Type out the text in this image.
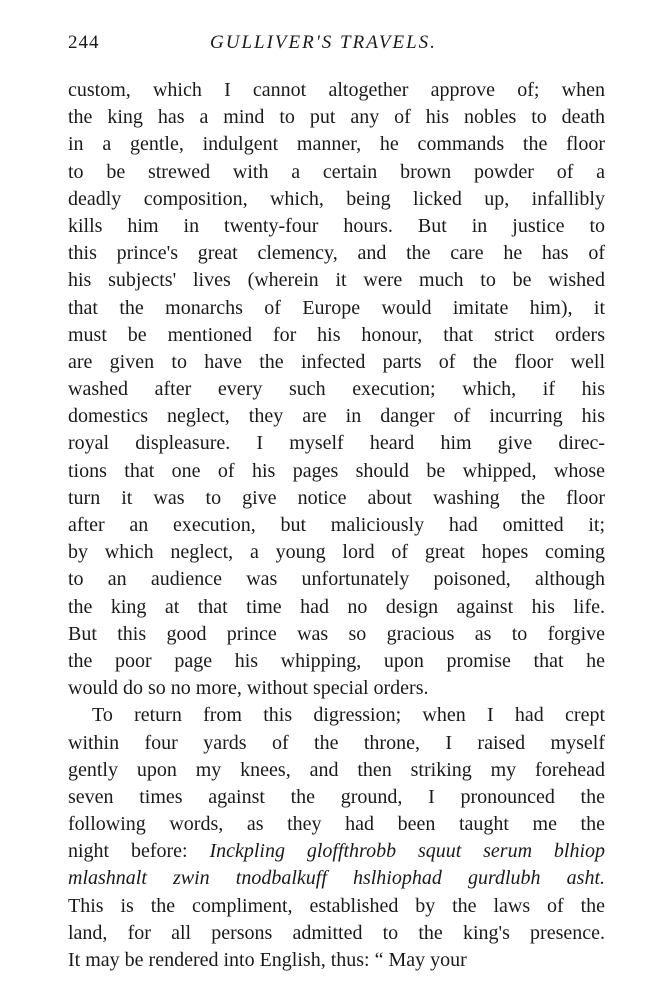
244	GULLIVER'S TRAVELS.
custom, which I cannot altogether approve of; when
the king has a mind to put any of his nobles to death
in a gentle, indulgent manner, he commands the floor
to be strewed with a certain brown powder of a
deadly composition, which, being licked up, infallibly
kills him in twenty-four hours. But in justice to
this prince's great clemency, and the care he has of
his subjects' lives (wherein it were much to be wished
that the monarchs of Europe would imitate him), it
must be mentioned for his honour, that strict orders
are given to have the infected parts of the floor well
washed after every such execution; which, if his
domestics neglect, they are in danger of incurring his
royal displeasure. I myself heard him give direc-
tions that one of his pages should be whipped, whose
turn it was to give notice about washing the floor
after an execution, but maliciously had omitted it;
by which neglect, a young lord of great hopes coming
to an audience was unfortunately poisoned, although
the king at that time had no design against his life.
But this good prince was so gracious as to forgive
the poor page his whipping, upon promise that he
would do so no more, without special orders.
To return from this digression; when I had crept
within four yards of the throne, I raised myself
gently upon my knees, and then striking my forehead
seven times against the ground, I pronounced the
following words, as they had been taught me the
night before: Inckpling gloffthrobb squut serum blhiop
mlashnalt zwin tnodbalkuff hslhiophad gurdlubh asht.
This is the compliment, established by the laws of the
land, for all persons admitted to the king's presence.
It may be rendered into English, thus: “ May your
